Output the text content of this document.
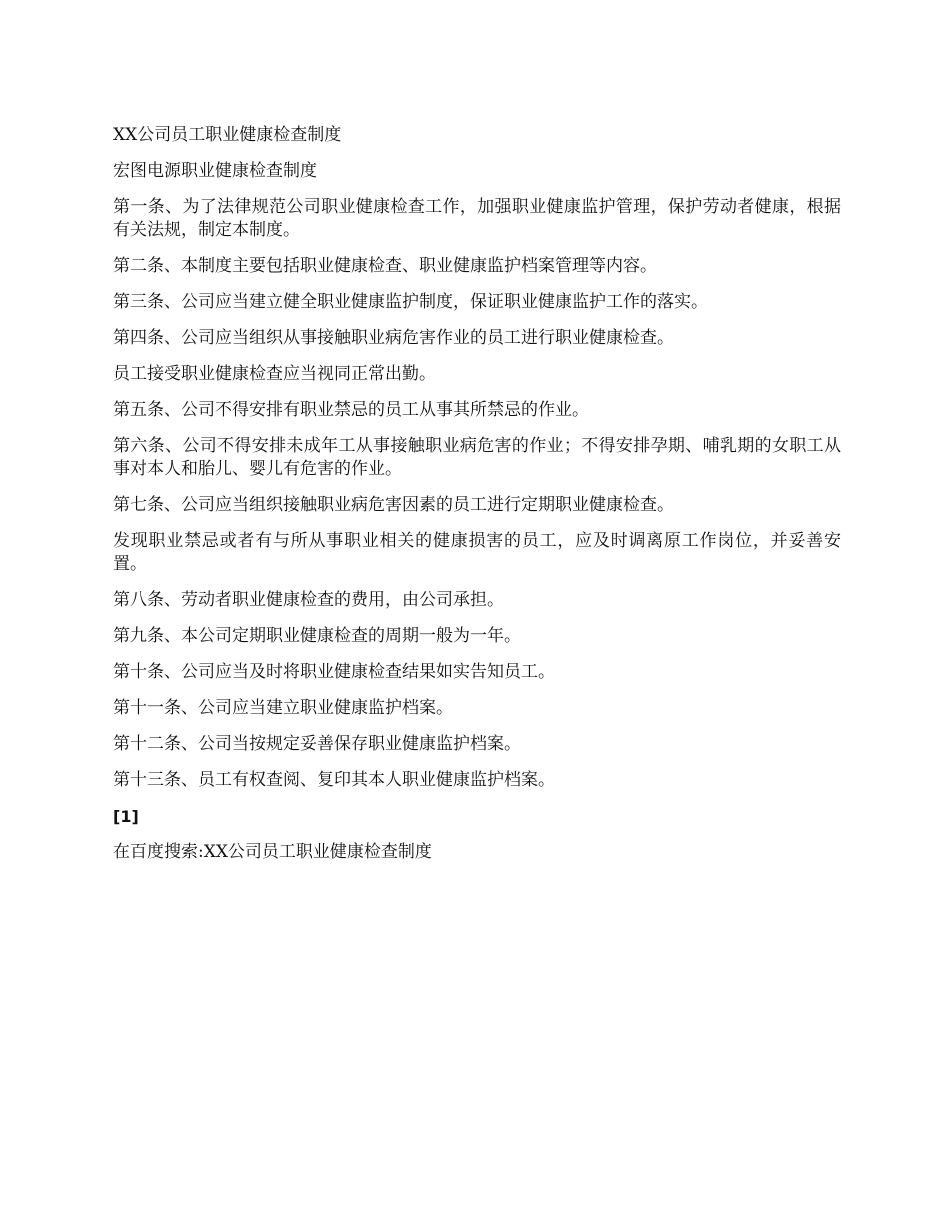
XX公司员工职业健康检查制度

宏图电源职业健康检查制度

第一条、为了法律规范公司职业健康检查工作，加强职业健康监护管理，保护劳动者健康，根据有关法规，制定本制度。

第二条、本制度主要包括职业健康检查、职业健康监护档案管理等内容。

第三条、公司应当建立健全职业健康监护制度，保证职业健康监护工作的落实。

第四条、公司应当组织从事接触职业病危害作业的员工进行职业健康检查。

员工接受职业健康检查应当视同正常出勤。

第五条、公司不得安排有职业禁忌的员工从事其所禁忌的作业。

第六条、公司不得安排未成年工从事接触职业病危害的作业；不得安排孕期、哺乳期的女职工从事对本人和胎儿、婴儿有危害的作业。

第七条、公司应当组织接触职业病危害因素的员工进行定期职业健康检查。

发现职业禁忌或者有与所从事职业相关的健康损害的员工，应及时调离原工作岗位，并妥善安置。

第八条、劳动者职业健康检查的费用，由公司承担。

第九条、本公司定期职业健康检查的周期一般为一年。

第十条、公司应当及时将职业健康检查结果如实告知员工。

第十一条、公司应当建立职业健康监护档案。

第十二条、公司当按规定妥善保存职业健康监护档案。

第十三条、员工有权查阅、复印其本人职业健康监护档案。

[1]

在百度搜索:XX公司员工职业健康检查制度
